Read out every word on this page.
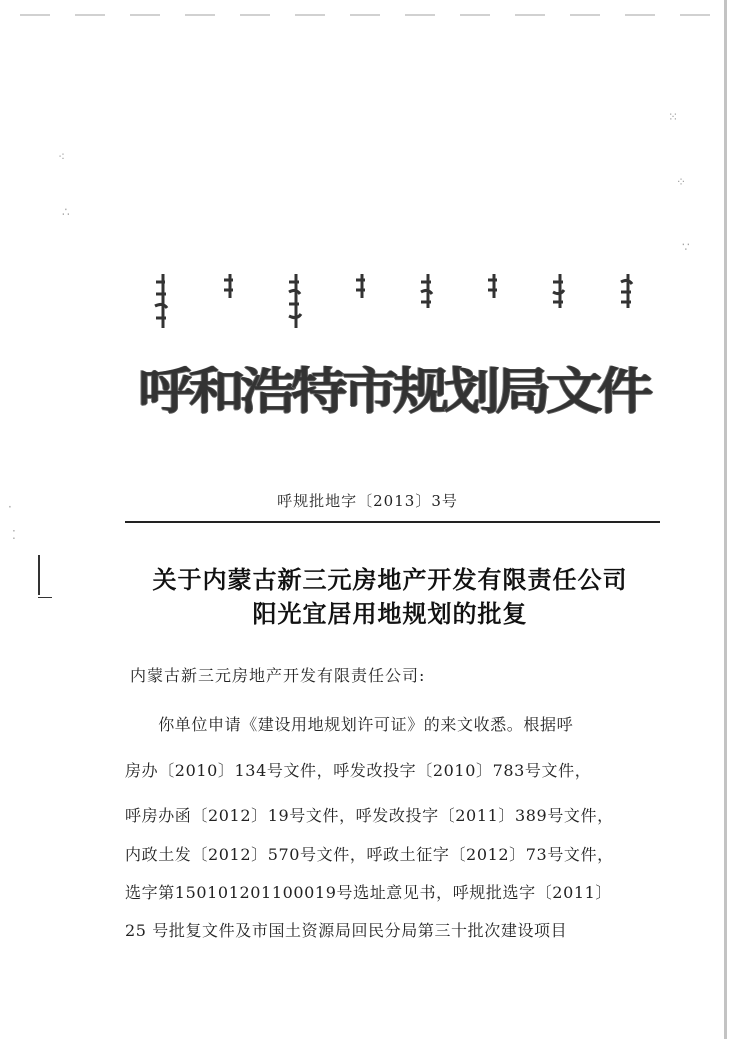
⁖
∴
⁙
⁘
∵
·
⁚
呼
和
浩
特
市
规
划
局
文
件
呼规批地字〔2013〕3号
关于内蒙古新三元房地产开发有限责任公司
阳光宜居用地规划的批复
内蒙古新三元房地产开发有限责任公司:
　　你单位申请《建设用地规划许可证》的来文收悉。根据呼
房办〔2010〕134号文件，呼发改投字〔2010〕783号文件，
呼房办函〔2012〕19号文件，呼发改投字〔2011〕389号文件，
内政土发〔2012〕570号文件，呼政土征字〔2012〕73号文件，
选字第150101201100019号选址意见书，呼规批选字〔2011〕
25 号批复文件及市国土资源局回民分局第三十批次建设项目
